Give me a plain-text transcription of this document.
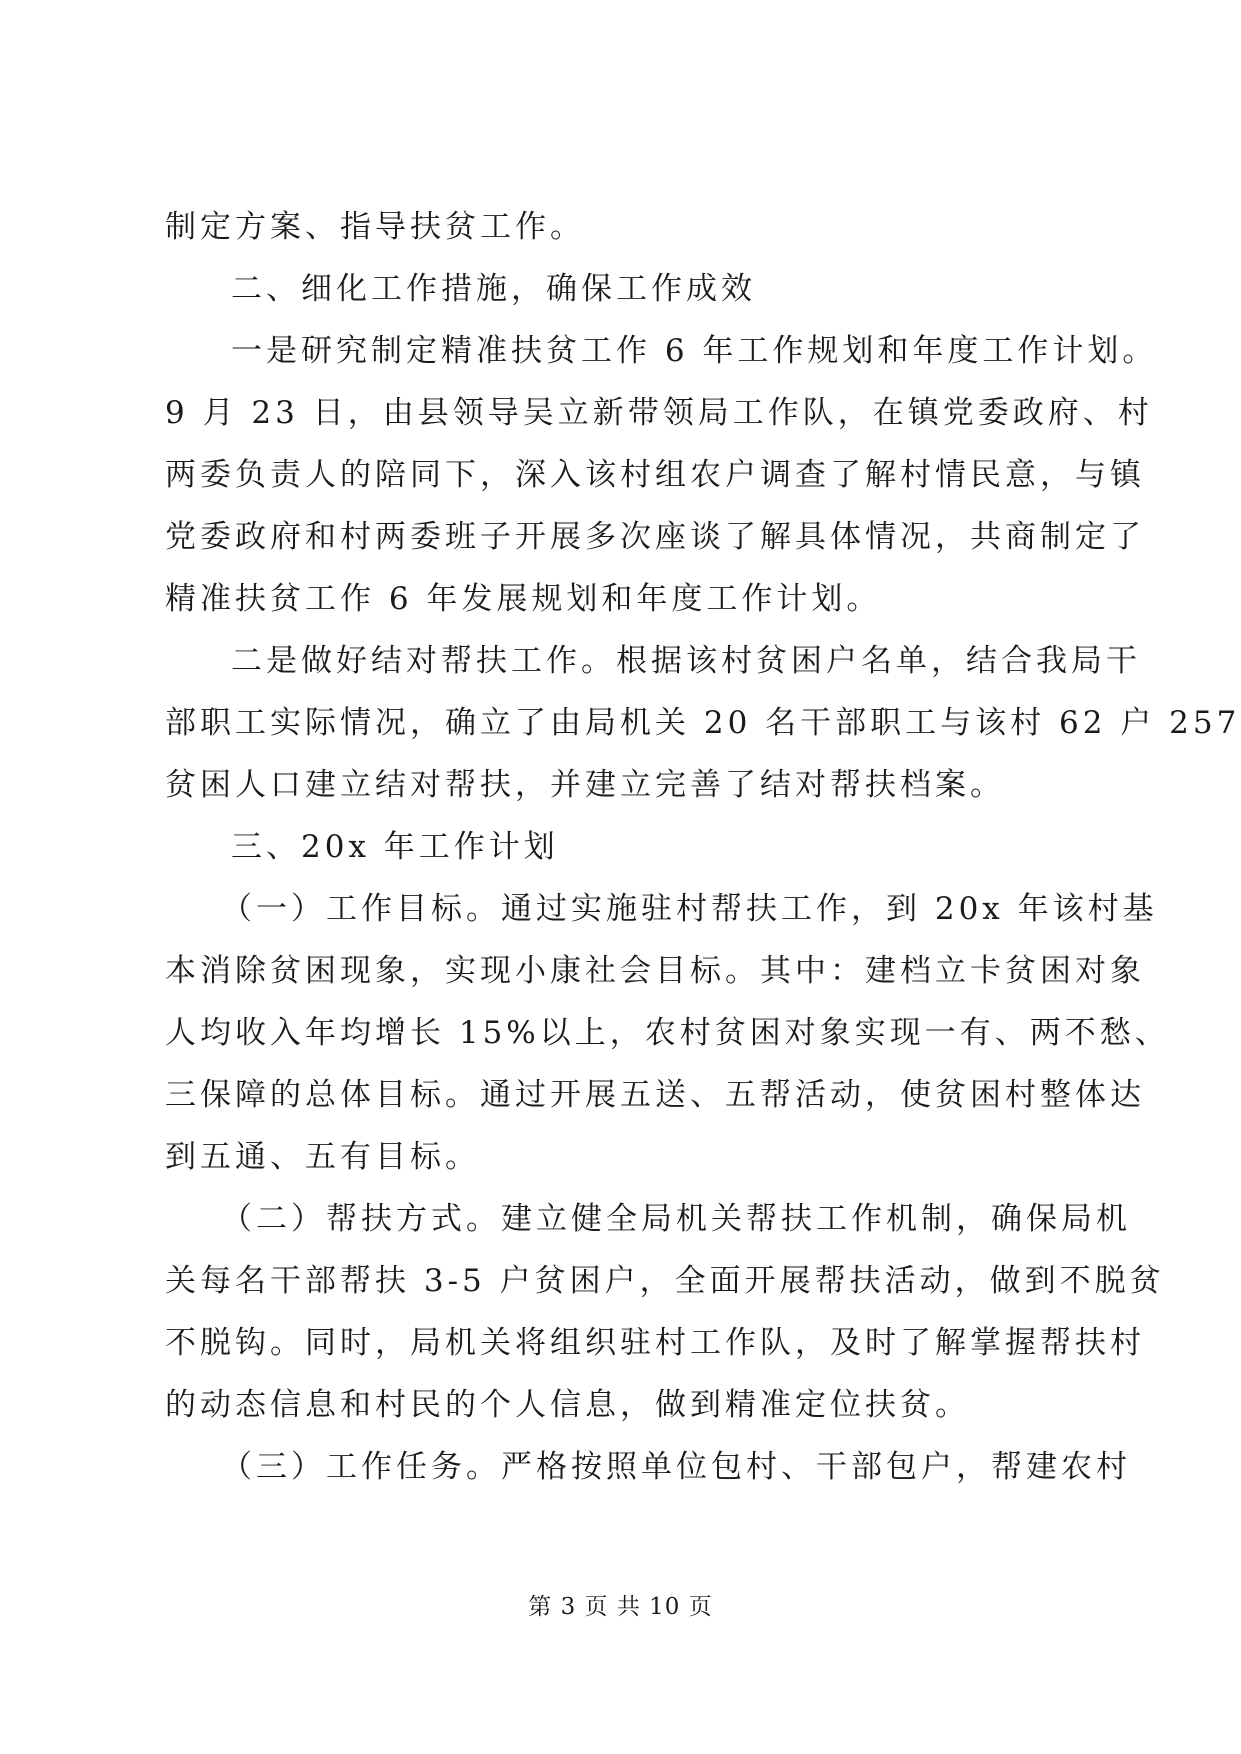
制定方案、指导扶贫工作。
二、细化工作措施，确保工作成效
一是研究制定精准扶贫工作 6 年工作规划和年度工作计划。
9 月 23 日，由县领导吴立新带领局工作队，在镇党委政府、村
两委负责人的陪同下，深入该村组农户调查了解村情民意，与镇
党委政府和村两委班子开展多次座谈了解具体情况，共商制定了
精准扶贫工作 6 年发展规划和年度工作计划。
二是做好结对帮扶工作。根据该村贫困户名单，结合我局干
部职工实际情况，确立了由局机关 20 名干部职工与该村 62 户 257
贫困人口建立结对帮扶，并建立完善了结对帮扶档案。
三、20x 年工作计划
（一）工作目标。通过实施驻村帮扶工作，到 20x 年该村基
本消除贫困现象，实现小康社会目标。其中：建档立卡贫困对象
人均收入年均增长 15%以上，农村贫困对象实现一有、两不愁、
三保障的总体目标。通过开展五送、五帮活动，使贫困村整体达
到五通、五有目标。
（二）帮扶方式。建立健全局机关帮扶工作机制，确保局机
关每名干部帮扶 3-5 户贫困户，全面开展帮扶活动，做到不脱贫
不脱钩。同时，局机关将组织驻村工作队，及时了解掌握帮扶村
的动态信息和村民的个人信息，做到精准定位扶贫。
（三）工作任务。严格按照单位包村、干部包户，帮建农村
第 3 页 共 10 页
